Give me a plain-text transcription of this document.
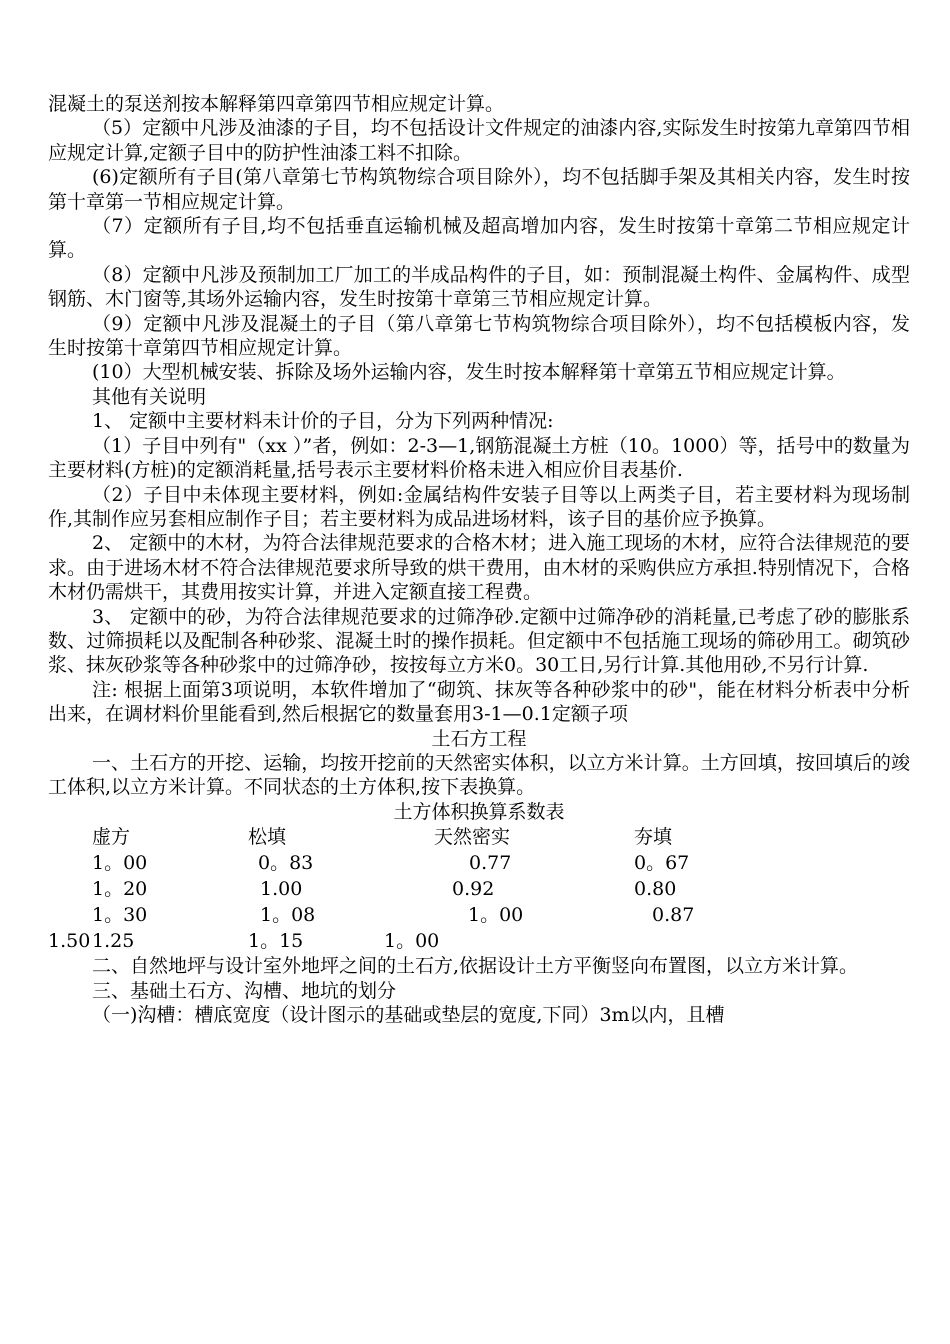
混凝土的泵送剂按本解释第四章第四节相应规定计算。

（5）定额中凡涉及油漆的子目，均不包括设计文件规定的油漆内容,实际发生时按第九章第四节相应规定计算,定额子目中的防护性油漆工料不扣除。

(6)定额所有子目(第八章第七节构筑物综合项目除外），均不包括脚手架及其相关内容，发生时按第十章第一节相应规定计算。

（7）定额所有子目,均不包括垂直运输机械及超高增加内容，发生时按第十章第二节相应规定计算。

（8）定额中凡涉及预制加工厂加工的半成品构件的子目，如：预制混凝土构件、金属构件、成型钢筋、木门窗等,其场外运输内容，发生时按第十章第三节相应规定计算。

（9）定额中凡涉及混凝土的子目（第八章第七节构筑物综合项目除外），均不包括模板内容，发生时按第十章第四节相应规定计算。

(10）大型机械安装、拆除及场外运输内容，发生时按本解释第十章第五节相应规定计算。

其他有关说明

1、 定额中主要材料未计价的子目，分为下列两种情况:

（1）子目中列有"（xx ）”者，例如：2-3—1,钢筋混凝土方桩（10。1000）等，括号中的数量为主要材料(方桩)的定额消耗量,括号表示主要材料价格未进入相应价目表基价.

（2）子目中未体现主要材料，例如:金属结构件安装子目等以上两类子目，若主要材料为现场制作,其制作应另套相应制作子目；若主要材料为成品进场材料，该子目的基价应予换算。

2、 定额中的木材，为符合法律规范要求的合格木材；进入施工现场的木材，应符合法律规范的要求。由于进场木材不符合法律规范要求所导致的烘干费用，由木材的采购供应方承担.特别情况下，合格木材仍需烘干，其费用按实计算，并进入定额直接工程费。

3、 定额中的砂，为符合法律规范要求的过筛净砂.定额中过筛净砂的消耗量,已考虑了砂的膨胀系数、过筛损耗以及配制各种砂浆、混凝土时的操作损耗。但定额中不包括施工现场的筛砂用工。砌筑砂浆、抹灰砂浆等各种砂浆中的过筛净砂，按按每立方米0。30工日,另行计算.其他用砂,不另行计算.

注: 根据上面第3项说明，本软件增加了“砌筑、抹灰等各种砂浆中的砂"，能在材料分析表中分析出来，在调材料价里能看到,然后根据它的数量套用3-1—0.1定额子项

土石方工程

一、土石方的开挖、运输，均按开挖前的天然密实体积，以立方米计算。土方回填，按回填后的竣工体积,以立方米计算。不同状态的土方体积,按下表换算。

土方体积换算系数表

	虚方	松填	天然密实	夯填
	1。00	0。83	0.77	0。67
	1。20	1.00	0.92	0.80
	1。30	1。08	1。00	0.87
1.50	1.25	1。15	1。00

二、自然地坪与设计室外地坪之间的土石方,依据设计土方平衡竖向布置图，以立方米计算。

三、基础土石方、沟槽、地坑的划分

（一)沟槽：槽底宽度（设计图示的基础或垫层的宽度,下同）3m以内，且槽
